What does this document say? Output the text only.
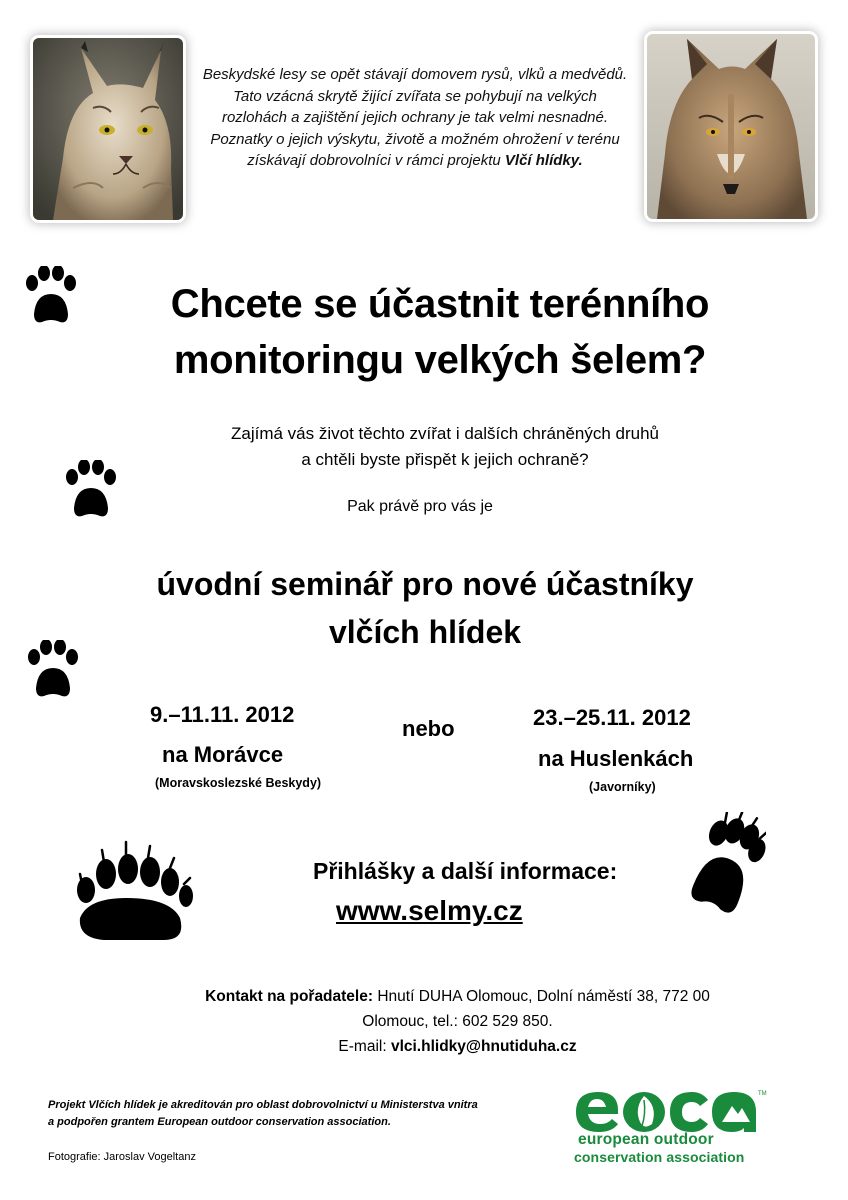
Beskydské lesy se opět stávají domovem rysů, vlků a medvědů. Tato vzácná skrytě žijící zvířata se pohybují na velkých rozlohách a zajištění jejich ochrany je tak velmi nesnadné. Poznatky o jejich výskytu, životě a možném ohrožení v terénu získávají dobrovolníci v rámci projektu Vlčí hlídky.
Chcete se účastnit terénního
monitoringu velkých šelem?
Zajímá vás život těchto zvířat i dalších chráněných druhů
a chtěli byste přispět k jejich ochraně?
Pak právě pro vás je
úvodní seminář pro nové účastníky
vlčích hlídek
9.–11.11. 2012
na Morávce
(Moravskoslezské Beskydy)
nebo	23.–25.11. 2012
na Huslenkách
(Javorníky)
Přihlášky a další informace:
www.selmy.cz
Kontakt na pořadatele: Hnutí DUHA Olomouc, Dolní náměstí 38, 772 00
Olomouc, tel.: 602 529 850.
E-mail: vlci.hlidky@hnutiduha.cz
Projekt Vlčích hlídek je akreditován pro oblast dobrovolnictví u Ministerstva vnitra
a podpořen grantem European outdoor conservation association.
Fotografie: Jaroslav Vogeltanz
TM
european outdoor
conservation association
